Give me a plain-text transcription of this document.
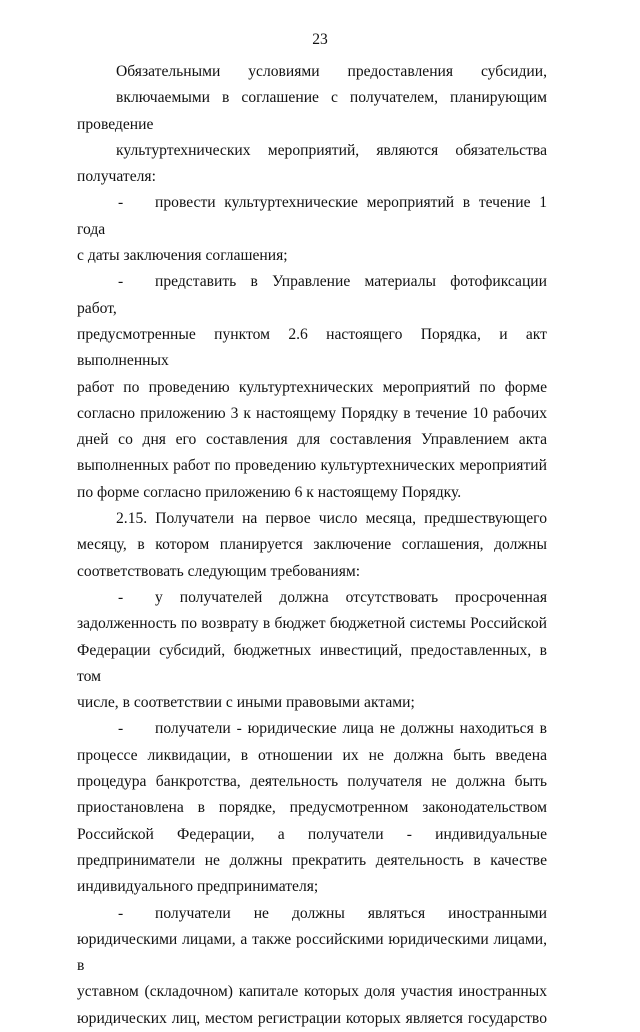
23
Обязательными условиями предоставления субсидии,
включаемыми в соглашение с получателем, планирующим проведение
культуртехнических мероприятий, являются обязательства получателя:
- провести культуртехнические мероприятий в течение 1 года
с даты заключения соглашения;
- представить в Управление материалы фотофиксации работ,
предусмотренные пунктом 2.6 настоящего Порядка, и акт выполненных
работ по проведению культуртехнических мероприятий по форме
согласно приложению 3 к настоящему Порядку в течение 10 рабочих
дней со дня его составления для составления Управлением акта
выполненных работ по проведению культуртехнических мероприятий
по форме согласно приложению 6 к настоящему Порядку.
2.15. Получатели на первое число месяца, предшествующего
месяцу, в котором планируется заключение соглашения, должны
соответствовать следующим требованиям:
- у получателей должна отсутствовать просроченная
задолженность по возврату в бюджет бюджетной системы Российской
Федерации субсидий, бюджетных инвестиций, предоставленных, в том
числе, в соответствии с иными правовыми актами;
- получатели - юридические лица не должны находиться в
процессе ликвидации, в отношении их не должна быть введена
процедура банкротства, деятельность получателя не должна быть
приостановлена в порядке, предусмотренном законодательством
Российской Федерации, а получатели - индивидуальные
предприниматели не должны прекратить деятельность в качестве
индивидуального предпринимателя;
- получатели не должны являться иностранными
юридическими лицами, а также российскими юридическими лицами, в
уставном (складочном) капитале которых доля участия иностранных
юридических лиц, местом регистрации которых является государство
